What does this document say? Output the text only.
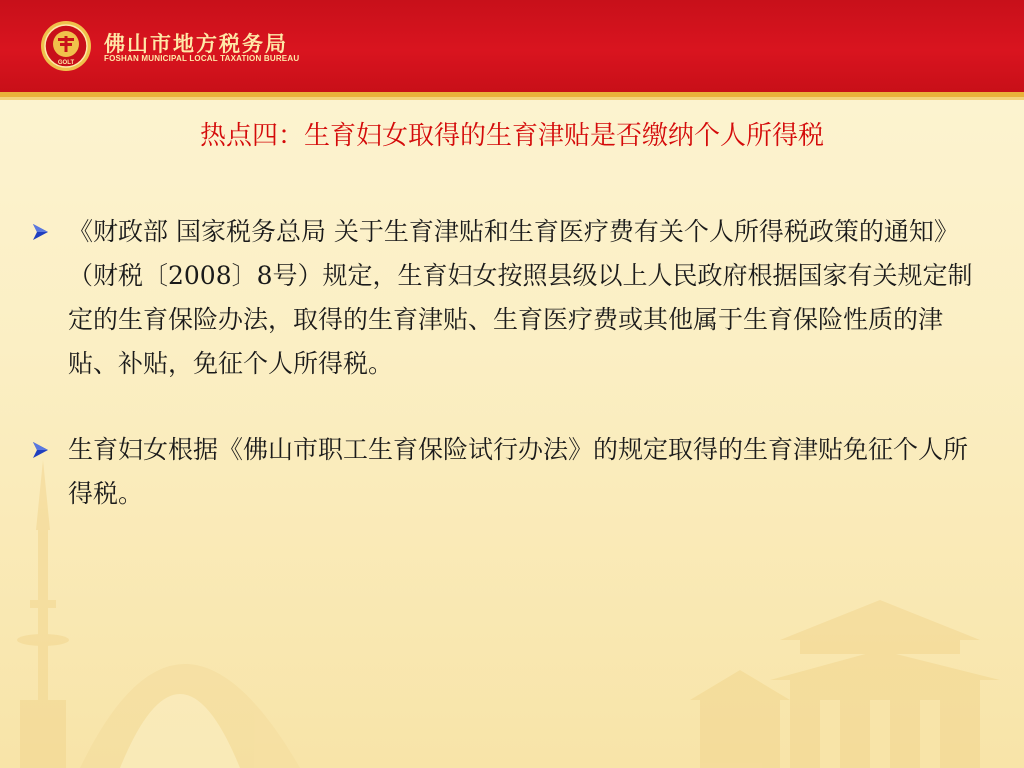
GOLT
佛山市地方税务局
FOSHAN MUNICIPAL LOCAL TAXATION BUREAU
热点四：生育妇女取得的生育津贴是否缴纳个人所得税
《财政部 国家税务总局 关于生育津贴和生育医疗费有关个人所得税政策的通知》（财税〔2008〕8号）规定，生育妇女按照县级以上人民政府根据国家有关规定制定的生育保险办法，取得的生育津贴、生育医疗费或其他属于生育保险性质的津贴、补贴，免征个人所得税。
生育妇女根据《佛山市职工生育保险试行办法》的规定取得的生育津贴免征个人所得税。
